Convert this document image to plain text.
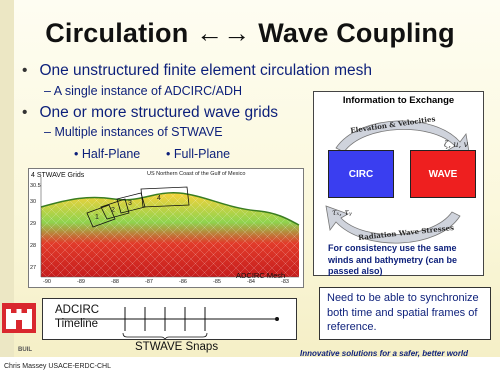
Circulation ←→ Wave Coupling
• One unstructured finite element circulation mesh
– A single instance of ADCIRC/ADH
• One or more structured wave grids
– Multiple instances of STWAVE
• Half-Plane • Full-Plane
US Northern Coast of the Gulf of Mexico
30.5
30
29
28
27
-90	-89	-88	-87	-86	-85	-84	-83
1
2
3
4
4 STWAVE Grids
ADCIRC Mesh
Information to Exchange
Elevation & Velocities
ζ, u, v
Radiation Wave Stresses
τₓ, τᵧ
CIRC	WAVE
For consistency use the same winds and bathymetry (can be passed also)
ADCIRC
Timeline
STWAVE Snaps
Need to be able to synchronize both time and spatial frames of reference.
BUIL	Innovative solutions for a safer, better world
Chris Massey USACE-ERDC-CHL
